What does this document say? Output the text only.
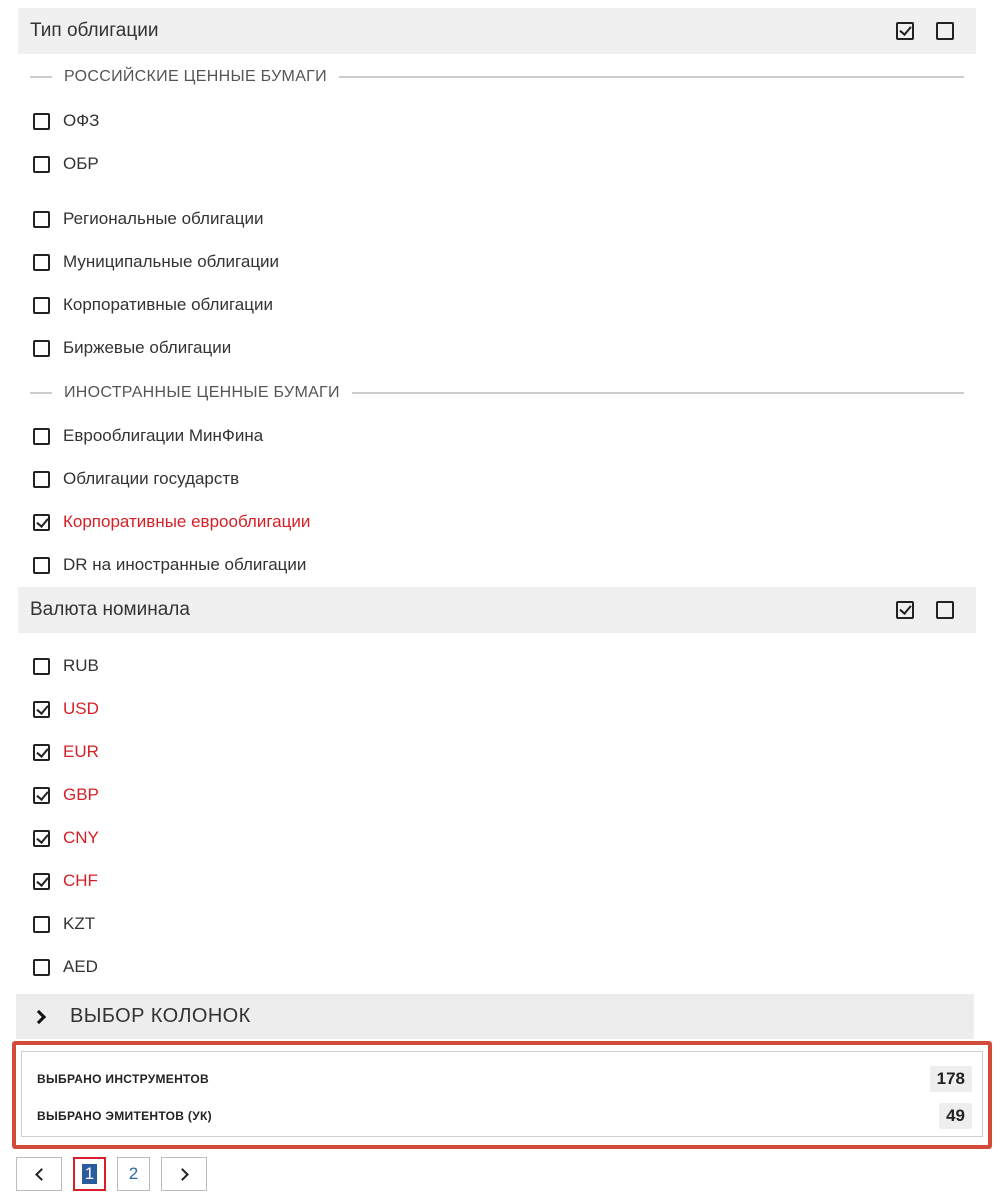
Тип облигации
РОССИЙСКИЕ ЦЕННЫЕ БУМАГИ
ОФЗ
ОБР
Региональные облигации
Муниципальные облигации
Корпоративные облигации
Биржевые облигации
ИНОСТРАННЫЕ ЦЕННЫЕ БУМАГИ
Еврооблигации МинФина
Облигации государств
Корпоративные еврооблигации
DR на иностранные облигации
Валюта номинала
RUB
USD
EUR
GBP
CNY
CHF
KZT
AED
ВЫБОР КОЛОНОК
ВЫБРАНО ИНСТРУМЕНТОВ	178
ВЫБРАНО ЭМИТЕНТОВ (УК)	49
1 2
